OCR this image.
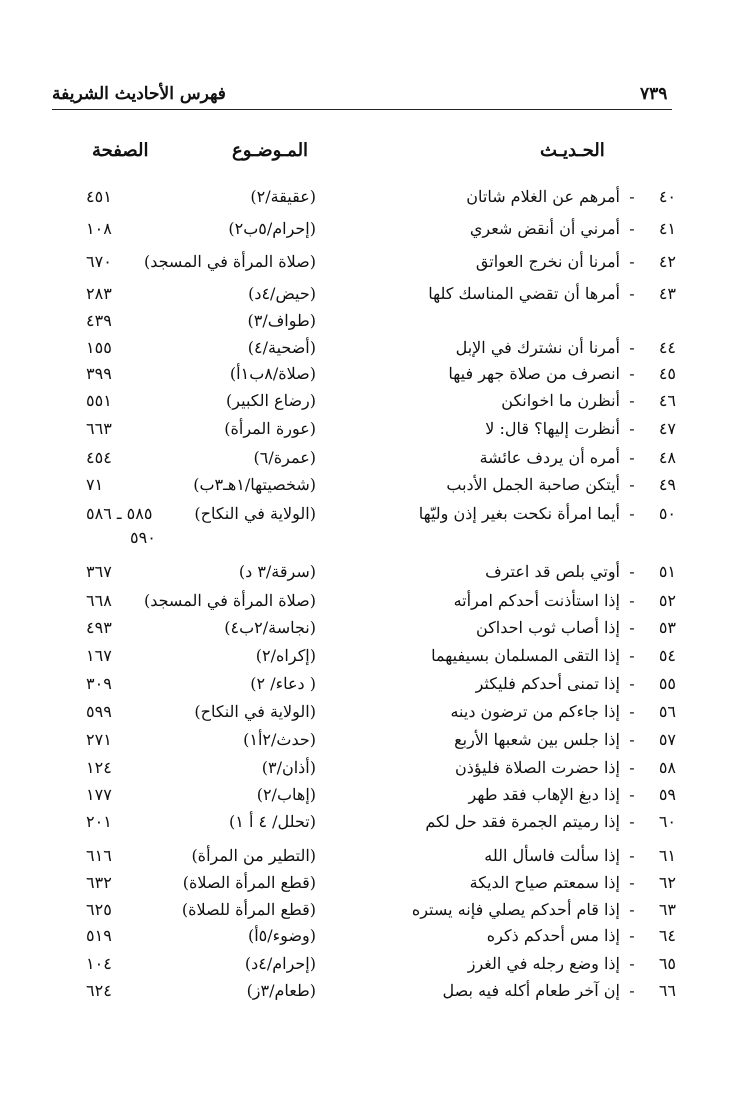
٧٣٩
فهرس الأحاديث الشريفة
الحـديـث
المـوضـوع
الصفحة
٤٠
-
أمرهم عن الغلام شاتان
(عقيقة/٢)
٤٥١
٤١
-
أمرني أن أنقض شعري
(إحرام/٥ب٢)
١٠٨
٤٢
-
أمرنا أن نخرج العواتق
(صلاة المرأة في المسجد)
٦٧٠
٤٣
-
أمرها أن تقضي المناسك كلها
(حيض/٤د)
٢٨٣
(طواف/٣)
٤٣٩
٤٤
-
أمرنا أن نشترك في الإبل
(أضحية/٤)
١٥٥
٤٥
-
انصرف من صلاة جهر فيها
(صلاة/٨ب١أ)
٣٩٩
٤٦
-
أنظرن ما اخوانكن
(رضاع الكبير)
٥٥١
٤٧
-
أنظرت إليها؟ قال: لا
(عورة المرأة)
٦٦٣
٤٨
-
أمره أن يردف عائشة
(عمرة/٦)
٤٥٤
٤٩
-
أيتكن صاحبة الجمل الأدبب
(شخصيتها/١هـ٣ب)
٧١
٥٠
-
أيما امرأة نكحت بغير إذن وليّها
(الولاية في النكاح)
٥٨٥ ـ ٥٨٦
٥٩٠
٥١
-
أوتي بلص قد اعترف
(سرقة/٣ د)
٣٦٧
٥٢
-
إذا استأذنت أحدكم امرأته
(صلاة المرأة في المسجد)
٦٦٨
٥٣
-
إذا أصاب ثوب احداكن
(نجاسة/٢ب٤)
٤٩٣
٥٤
-
إذا التقى المسلمان بسيفيهما
(إكراه/٢)
١٦٧
٥٥
-
إذا تمنى أحدكم فليكثر
( دعاء/ ٢)
٣٠٩
٥٦
-
إذا جاءكم من ترضون دينه
(الولاية في النكاح)
٥٩٩
٥٧
-
إذا جلس بين شعبها الأربع
(حدث/٢أ١)
٢٧١
٥٨
-
إذا حضرت الصلاة فليؤذن
(أذان/٣)
١٢٤
٥٩
-
إذا دبغ الإهاب فقد طهر
(إهاب/٢)
١٧٧
٦٠
-
إذا رميتم الجمرة فقد حل لكم
(تحلل/ ٤ أ ١)
٢٠١
٦١
-
إذا سألت فاسأل الله
(التطير من المرأة)
٦١٦
٦٢
-
إذا سمعتم صياح الديكة
(قطع المرأة الصلاة)
٦٣٢
٦٣
-
إذا قام أحدكم يصلي فإنه يستره
(قطع المرأة للصلاة)
٦٢٥
٦٤
-
إذا مس أحدكم ذكره
(وضوء/٥أ)
٥١٩
٦٥
-
إذا وضع رجله في الغرز
(إحرام/٤د)
١٠٤
٦٦
-
إن آخر طعام أكله فيه بصل
(طعام/٣ز)
٦٢٤
